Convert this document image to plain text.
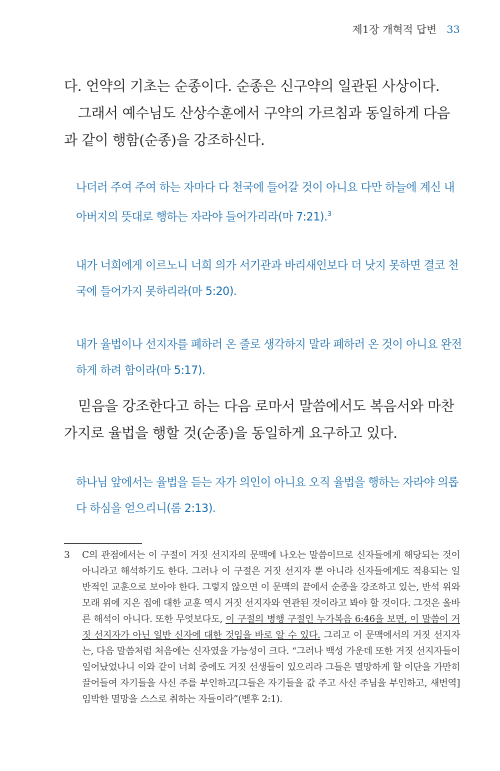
제1장 개혁적 답변 33

다. 언약의 기초는 순종이다. 순종은 신구약의 일관된 사상이다.

그래서 예수님도 산상수훈에서 구약의 가르침과 동일하게 다음과 같이 행함(순종)을 강조하신다.

나더러 주여 주여 하는 자마다 다 천국에 들어갈 것이 아니요 다만 하늘에 계신 내 아버지의 뜻대로 행하는 자라야 들어가리라(마 7:21).$^3$

내가 너희에게 이르노니 너희 의가 서기관과 바리새인보다 더 낫지 못하면 결코 천국에 들어가지 못하리라(마 5:20).

내가 율법이나 선지자를 폐하러 온 줄로 생각하지 말라 폐하러 온 것이 아니요 완전하게 하려 함이라(마 5:17).

믿음을 강조한다고 하는 다음 로마서 말씀에서도 복음서와 마찬가지로 율법을 행할 것(순종)을 동일하게 요구하고 있다.

하나님 앞에서는 율법을 듣는 자가 의인이 아니요 오직 율법을 행하는 자라야 의롭다 하심을 얻으리니(롬 2:13).

3 C의 관점에서는 이 구절이 거짓 선지자의 문맥에 나오는 말씀이므로 신자들에게 해당되는 것이 아니라고 해석하기도 한다. 그러나 이 구절은 거짓 선지자 뿐 아니라 신자들에게도 적용되는 일반적인 교훈으로 보아야 한다. 그렇지 않으면 이 문맥의 끝에서 순종을 강조하고 있는, 반석 위와 모래 위에 지은 집에 대한 교훈 역시 거짓 선지자와 연관된 것이라고 봐야 할 것이다. 그것은 올바른 해석이 아니다. 또한 무엇보다도, 이 구절의 병행 구절인 누가복음 6:46을 보면, 이 말씀이 거짓 선지자가 아닌 일반 신자에 대한 것임을 바로 알 수 있다. 그리고 이 문맥에서의 거짓 선지자는, 다음 말씀처럼 처음에는 신자였을 가능성이 크다. “그러나 백성 가운데 또한 거짓 선지자들이 일어났었나니 이와 같이 너희 중에도 거짓 선생들이 있으리라 그들은 멸망하게 할 이단을 가만히 끌어들여 자기들을 사신 주를 부인하고[그들은 자기들을 값 주고 사신 주님을 부인하고, 새번역] 임박한 멸망을 스스로 취하는 자들이라”(벧후 2:1).
